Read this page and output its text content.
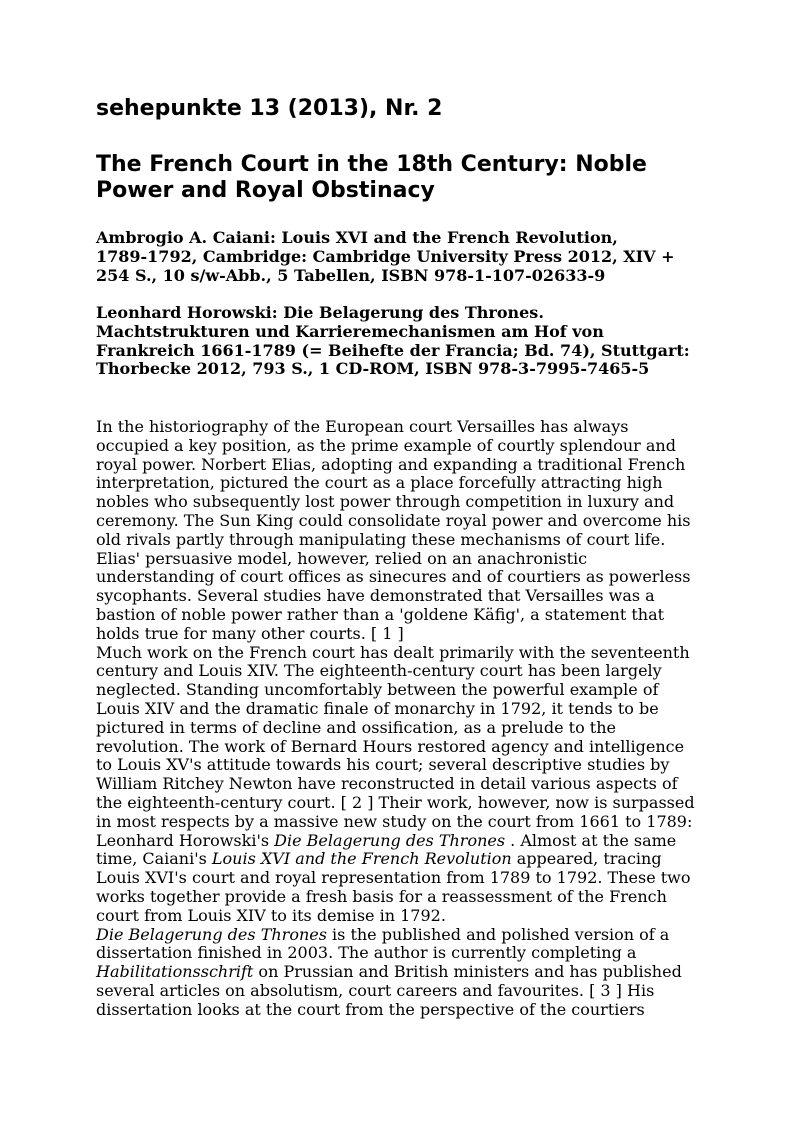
sehepunkte 13 (2013), Nr. 2
The French Court in the 18th Century: Noble
Power and Royal Obstinacy
Ambrogio A. Caiani: Louis XVI and the French Revolution,
1789-1792, Cambridge: Cambridge University Press 2012, XIV +
254 S., 10 s/w-Abb., 5 Tabellen, ISBN 978-1-107-02633-9
Leonhard Horowski: Die Belagerung des Thrones.
Machtstrukturen und Karrieremechanismen am Hof von
Frankreich 1661-1789 (= Beihefte der Francia; Bd. 74), Stuttgart:
Thorbecke 2012, 793 S., 1 CD-ROM, ISBN 978-3-7995-7465-5

In the historiography of the European court Versailles has always
occupied a key position, as the prime example of courtly splendour and
royal power. Norbert Elias, adopting and expanding a traditional French
interpretation, pictured the court as a place forcefully attracting high
nobles who subsequently lost power through competition in luxury and
ceremony. The Sun King could consolidate royal power and overcome his
old rivals partly through manipulating these mechanisms of court life.
Elias' persuasive model, however, relied on an anachronistic
understanding of court offices as sinecures and of courtiers as powerless
sycophants. Several studies have demonstrated that Versailles was a
bastion of noble power rather than a 'goldene Käfig', a statement that
holds true for many other courts. [ 1 ]

Much work on the French court has dealt primarily with the seventeenth
century and Louis XIV. The eighteenth-century court has been largely
neglected. Standing uncomfortably between the powerful example of
Louis XIV and the dramatic finale of monarchy in 1792, it tends to be
pictured in terms of decline and ossification, as a prelude to the
revolution. The work of Bernard Hours restored agency and intelligence
to Louis XV's attitude towards his court; several descriptive studies by
William Ritchey Newton have reconstructed in detail various aspects of
the eighteenth-century court. [ 2 ] Their work, however, now is surpassed
in most respects by a massive new study on the court from 1661 to 1789:
Leonhard Horowski's Die Belagerung des Thrones . Almost at the same
time, Caiani's Louis XVI and the French Revolution appeared, tracing
Louis XVI's court and royal representation from 1789 to 1792. These two
works together provide a fresh basis for a reassessment of the French
court from Louis XIV to its demise in 1792.

Die Belagerung des Thrones is the published and polished version of a
dissertation finished in 2003. The author is currently completing a
Habilitationsschrift on Prussian and British ministers and has published
several articles on absolutism, court careers and favourites. [ 3 ] His
dissertation looks at the court from the perspective of the courtiers
